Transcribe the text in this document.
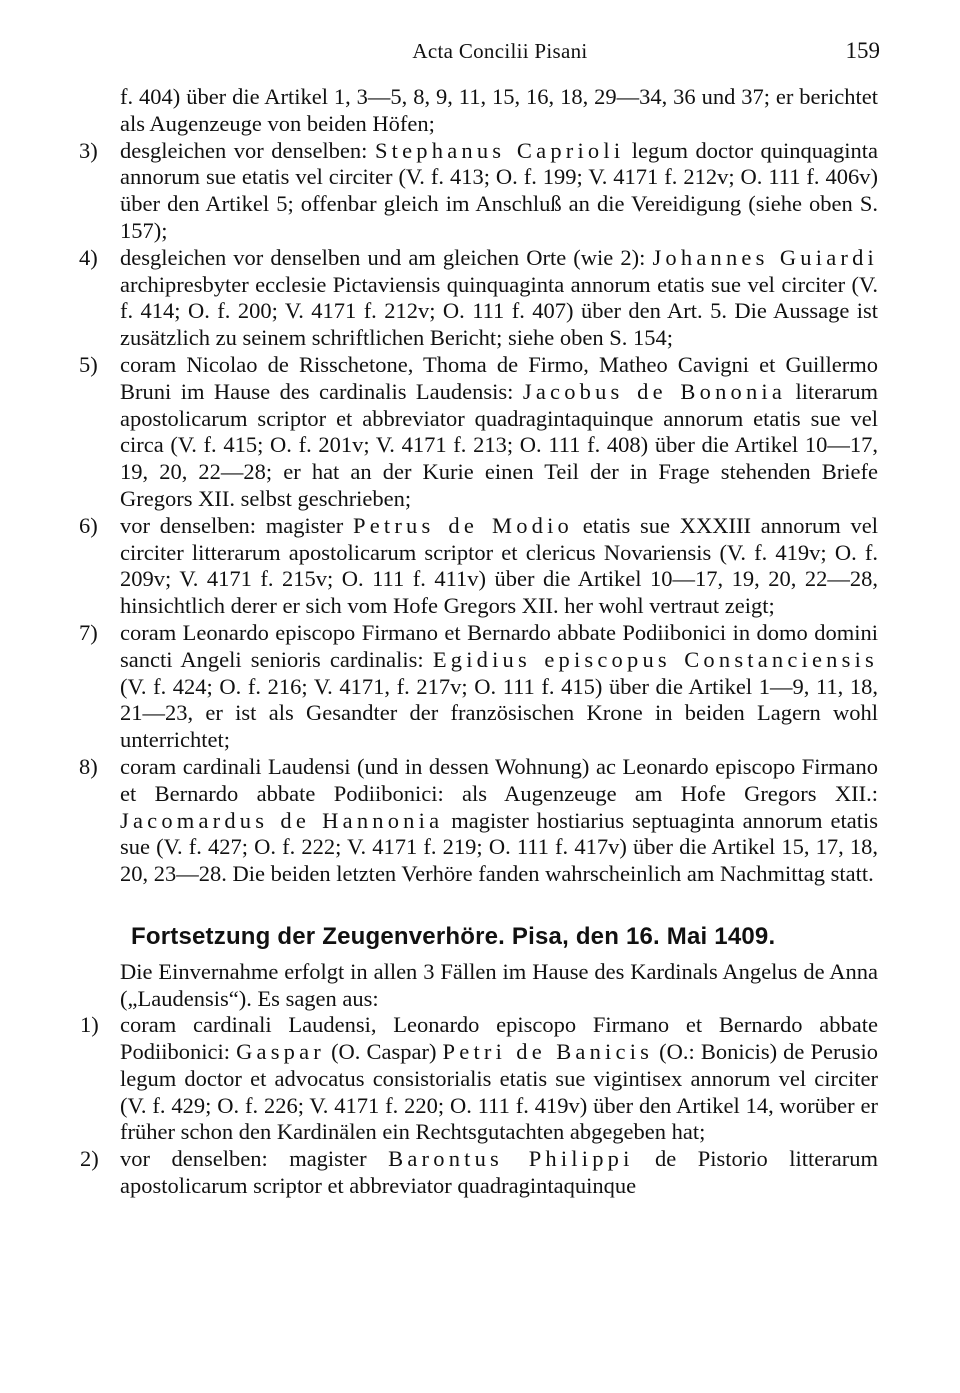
Acta Concilii Pisani	159

f. 404) über die Artikel 1, 3—5, 8, 9, 11, 15, 16, 18, 29—34, 36 und 37; er berichtet als Augenzeuge von beiden Höfen;

3) desgleichen vor denselben: Stephanus Caprioli legum doctor quinquaginta annorum sue etatis vel circiter (V. f. 413; O. f. 199; V. 4171 f. 212v; O. 111 f. 406v) über den Artikel 5; offenbar gleich im Anschluß an die Vereidigung (siehe oben S. 157);

4) desgleichen vor denselben und am gleichen Orte (wie 2): Johannes Guiardi archipresbyter ecclesie Pictaviensis quinquaginta annorum etatis sue vel circiter (V. f. 414; O. f. 200; V. 4171 f. 212v; O. 111 f. 407) über den Art. 5. Die Aussage ist zusätzlich zu seinem schriftlichen Bericht; siehe oben S. 154;

5) coram Nicolao de Risschetone, Thoma de Firmo, Matheo Cavigni et Guillermo Bruni im Hause des cardinalis Laudensis: Jacobus de Bononia literarum apostolicarum scriptor et abbreviator quadragintaquinque annorum etatis sue vel circa (V. f. 415; O. f. 201v; V. 4171 f. 213; O. 111 f. 408) über die Artikel 10—17, 19, 20, 22—28; er hat an der Kurie einen Teil der in Frage stehenden Briefe Gregors XII. selbst geschrieben;

6) vor denselben: magister Petrus de Modio etatis sue XXXIII annorum vel circiter litterarum apostolicarum scriptor et clericus Novariensis (V. f. 419v; O. f. 209v; V. 4171 f. 215v; O. 111 f. 411v) über die Artikel 10—17, 19, 20, 22—28, hinsichtlich derer er sich vom Hofe Gregors XII. her wohl vertraut zeigt;

7) coram Leonardo episcopo Firmano et Bernardo abbate Podiibonici in domo domini sancti Angeli senioris cardinalis: Egidius episcopus Constanciensis (V. f. 424; O. f. 216; V. 4171, f. 217v; O. 111 f. 415) über die Artikel 1—9, 11, 18, 21—23, er ist als Gesandter der französischen Krone in beiden Lagern wohl unterrichtet;

8) coram cardinali Laudensi (und in dessen Wohnung) ac Leonardo episcopo Firmano et Bernardo abbate Podiibonici: als Augenzeuge am Hofe Gregors XII.: Jacomardus de Hannonia magister hostiarius septuaginta annorum etatis sue (V. f. 427; O. f. 222; V. 4171 f. 219; O. 111 f. 417v) über die Artikel 15, 17, 18, 20, 23—28. Die beiden letzten Verhöre fanden wahrscheinlich am Nachmittag statt.

Fortsetzung der Zeugenverhöre. Pisa, den 16. Mai 1409.

Die Einvernahme erfolgt in allen 3 Fällen im Hause des Kardinals Angelus de Anna („Laudensis“). Es sagen aus:

1) coram cardinali Laudensi, Leonardo episcopo Firmano et Bernardo abbate Podiibonici: Gaspar (O. Caspar) Petri de Banicis (O.: Bonicis) de Perusio legum doctor et advocatus consistorialis etatis sue vigintisex annorum vel circiter (V. f. 429; O. f. 226; V. 4171 f. 220; O. 111 f. 419v) über den Artikel 14, worüber er früher schon den Kardinälen ein Rechtsgutachten abgegeben hat;

2) vor denselben: magister Barontus Philippi de Pistorio litterarum apostolicarum scriptor et abbreviator quadragintaquinque
